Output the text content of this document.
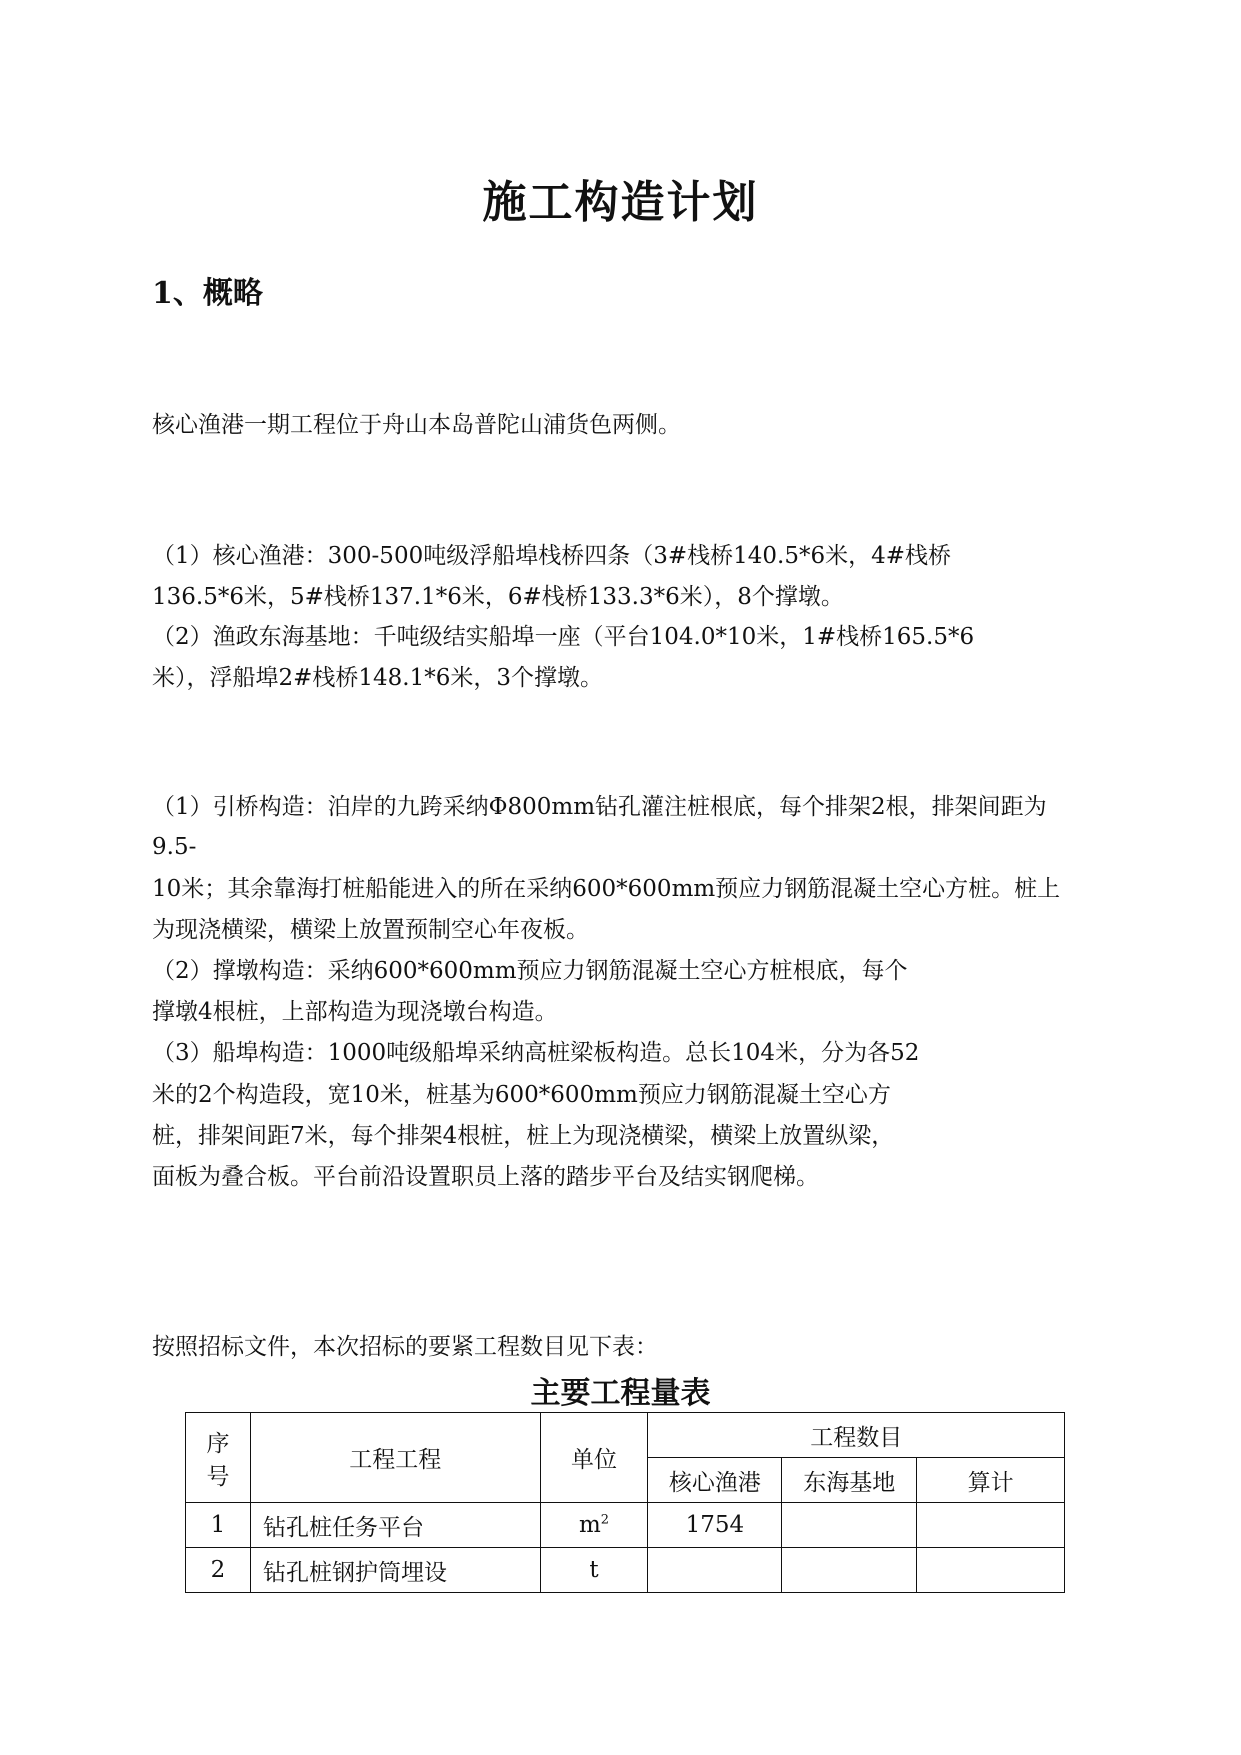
施工构造计划
1、概略
核心渔港一期工程位于舟山本岛普陀山浦货色两侧。
（1）核心渔港：300-500吨级浮船埠栈桥四条（3#栈桥140.5*6米，4#栈桥
136.5*6米，5#栈桥137.1*6米，6#栈桥133.3*6米），8个撑墩。
（2）渔政东海基地：千吨级结实船埠一座（平台104.0*10米，1#栈桥165.5*6
米），浮船埠2#栈桥148.1*6米，3个撑墩。
（1）引桥构造：泊岸的九跨采纳Φ800mm钻孔灌注桩根底，每个排架2根，排架间距为
9.5-
10米；其余靠海打桩船能进入的所在采纳600*600mm预应力钢筋混凝土空心方桩。桩上
为现浇横梁，横梁上放置预制空心年夜板。
（2）撑墩构造：采纳600*600mm预应力钢筋混凝土空心方桩根底，每个
撑墩4根桩，上部构造为现浇墩台构造。
（3）船埠构造：1000吨级船埠采纳高桩梁板构造。总长104米，分为各52
米的2个构造段，宽10米，桩基为600*600mm预应力钢筋混凝土空心方
桩，排架间距7米，每个排架4根桩，桩上为现浇横梁，横梁上放置纵梁，
面板为叠合板。平台前沿设置职员上落的踏步平台及结实钢爬梯。
按照招标文件，本次招标的要紧工程数目见下表：
主要工程量表
序
号	工程工程	单位	工程数目		
			核心渔港	东海基地	算计
1	钻孔桩任务平台	$m^2$	1754		
2	钻孔桩钢护筒埋设	t			
